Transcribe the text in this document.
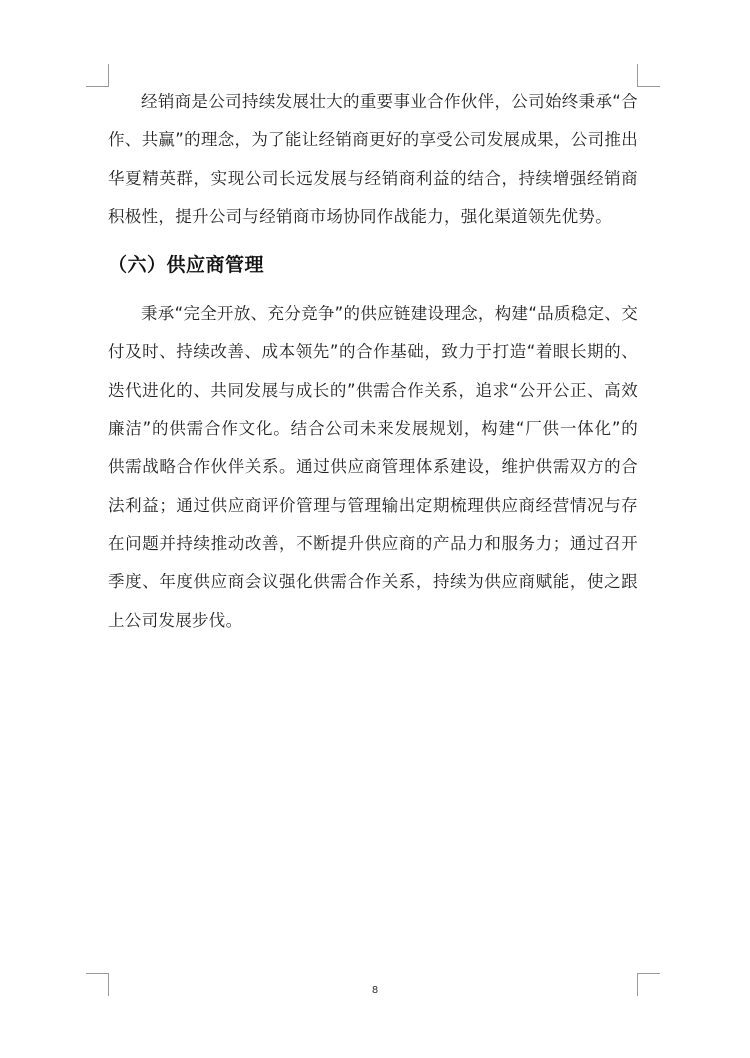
经销商是公司持续发展壮大的重要事业合作伙伴，公司始终秉承“合作、共赢”的理念，为了能让经销商更好的享受公司发展成果，公司推出华夏精英群，实现公司长远发展与经销商利益的结合，持续增强经销商积极性，提升公司与经销商市场协同作战能力，强化渠道领先优势。

（六）供应商管理

秉承“完全开放、充分竞争”的供应链建设理念，构建“品质稳定、交付及时、持续改善、成本领先”的合作基础，致力于打造“着眼长期的、迭代进化的、共同发展与成长的”供需合作关系，追求“公开公正、高效廉洁”的供需合作文化。结合公司未来发展规划，构建“厂供一体化”的供需战略合作伙伴关系。通过供应商管理体系建设，维护供需双方的合法利益；通过供应商评价管理与管理输出定期梳理供应商经营情况与存在问题并持续推动改善，不断提升供应商的产品力和服务力；通过召开季度、年度供应商会议强化供需合作关系，持续为供应商赋能，使之跟上公司发展步伐。

8
